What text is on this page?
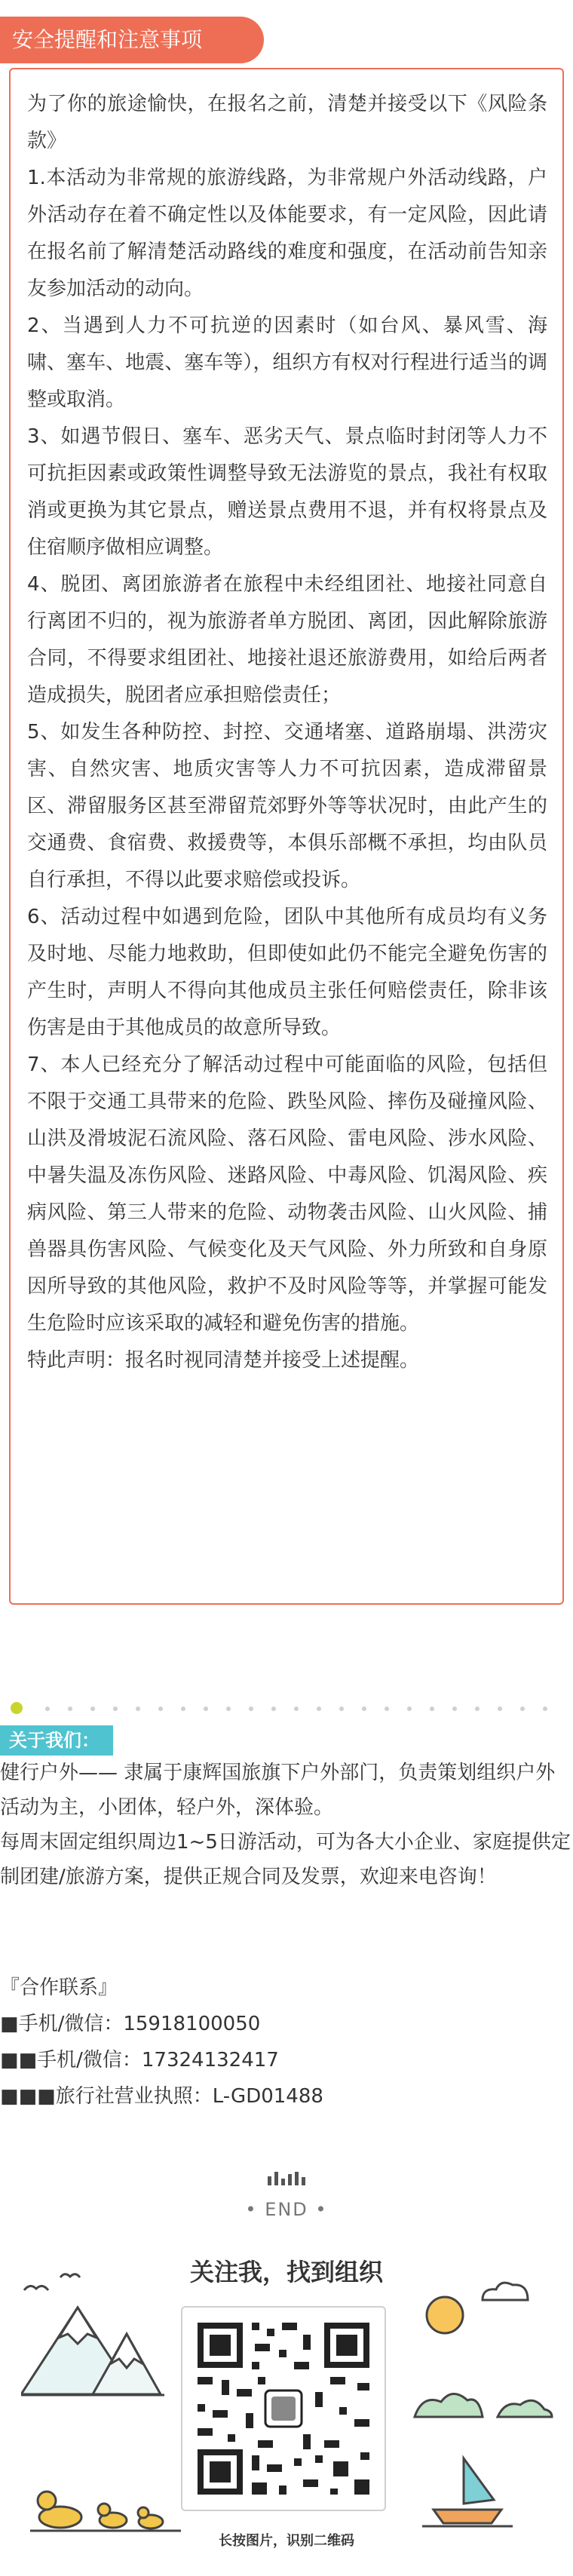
安全提醒和注意事项

为了你的旅途愉快，在报名之前，清楚并接受以下《风险条款》

1.本活动为非常规的旅游线路，为非常规户外活动线路，户外活动存在着不确定性以及体能要求，有一定风险，因此请在报名前了解清楚活动路线的难度和强度，在活动前告知亲友参加活动的动向。

2、当遇到人力不可抗逆的因素时（如台风、暴风雪、海啸、塞车、地震、塞车等），组织方有权对行程进行适当的调整或取消。

3、如遇节假日、塞车、恶劣天气、景点临时封闭等人力不可抗拒因素或政策性调整导致无法游览的景点，我社有权取消或更换为其它景点，赠送景点费用不退，并有权将景点及住宿顺序做相应调整。

4、脱团、离团旅游者在旅程中未经组团社、地接社同意自行离团不归的，视为旅游者单方脱团、离团，因此解除旅游合同，不得要求组团社、地接社退还旅游费用，如给后两者造成损失，脱团者应承担赔偿责任；

5、如发生各种防控、封控、交通堵塞、道路崩塌、洪涝灾害、自然灾害、地质灾害等人力不可抗因素，造成滞留景区、滞留服务区甚至滞留荒郊野外等等状况时，由此产生的交通费、食宿费、救援费等，本俱乐部概不承担，均由队员自行承担，不得以此要求赔偿或投诉。

6、活动过程中如遇到危险，团队中其他所有成员均有义务及时地、尽能力地救助，但即使如此仍不能完全避免伤害的产生时，声明人不得向其他成员主张任何赔偿责任，除非该伤害是由于其他成员的故意所导致。

7、本人已经充分了解活动过程中可能面临的风险，包括但不限于交通工具带来的危险、跌坠风险、摔伤及碰撞风险、山洪及滑坡泥石流风险、落石风险、雷电风险、涉水风险、中暑失温及冻伤风险、迷路风险、中毒风险、饥渴风险、疾病风险、第三人带来的危险、动物袭击风险、山火风险、捕兽器具伤害风险、气候变化及天气风险、外力所致和自身原因所导致的其他风险，救护不及时风险等等，并掌握可能发生危险时应该采取的减轻和避免伤害的措施。

特此声明：报名时视同清楚并接受上述提醒。

关于我们：

健行户外—— 隶属于康辉国旅旗下户外部门，负责策划组织户外活动为主，小团体，轻户外，深体验。

每周末固定组织周边1~5日游活动，可为各大小企业、家庭提供定制团建/旅游方案，提供正规合同及发票，欢迎来电咨询！

『合作联系』

■手机/微信：15918100050

■■手机/微信：17324132417

■■■旅行社营业执照：L-GD01488

• END •
关注我，找到组织
长按图片，识别二维码
